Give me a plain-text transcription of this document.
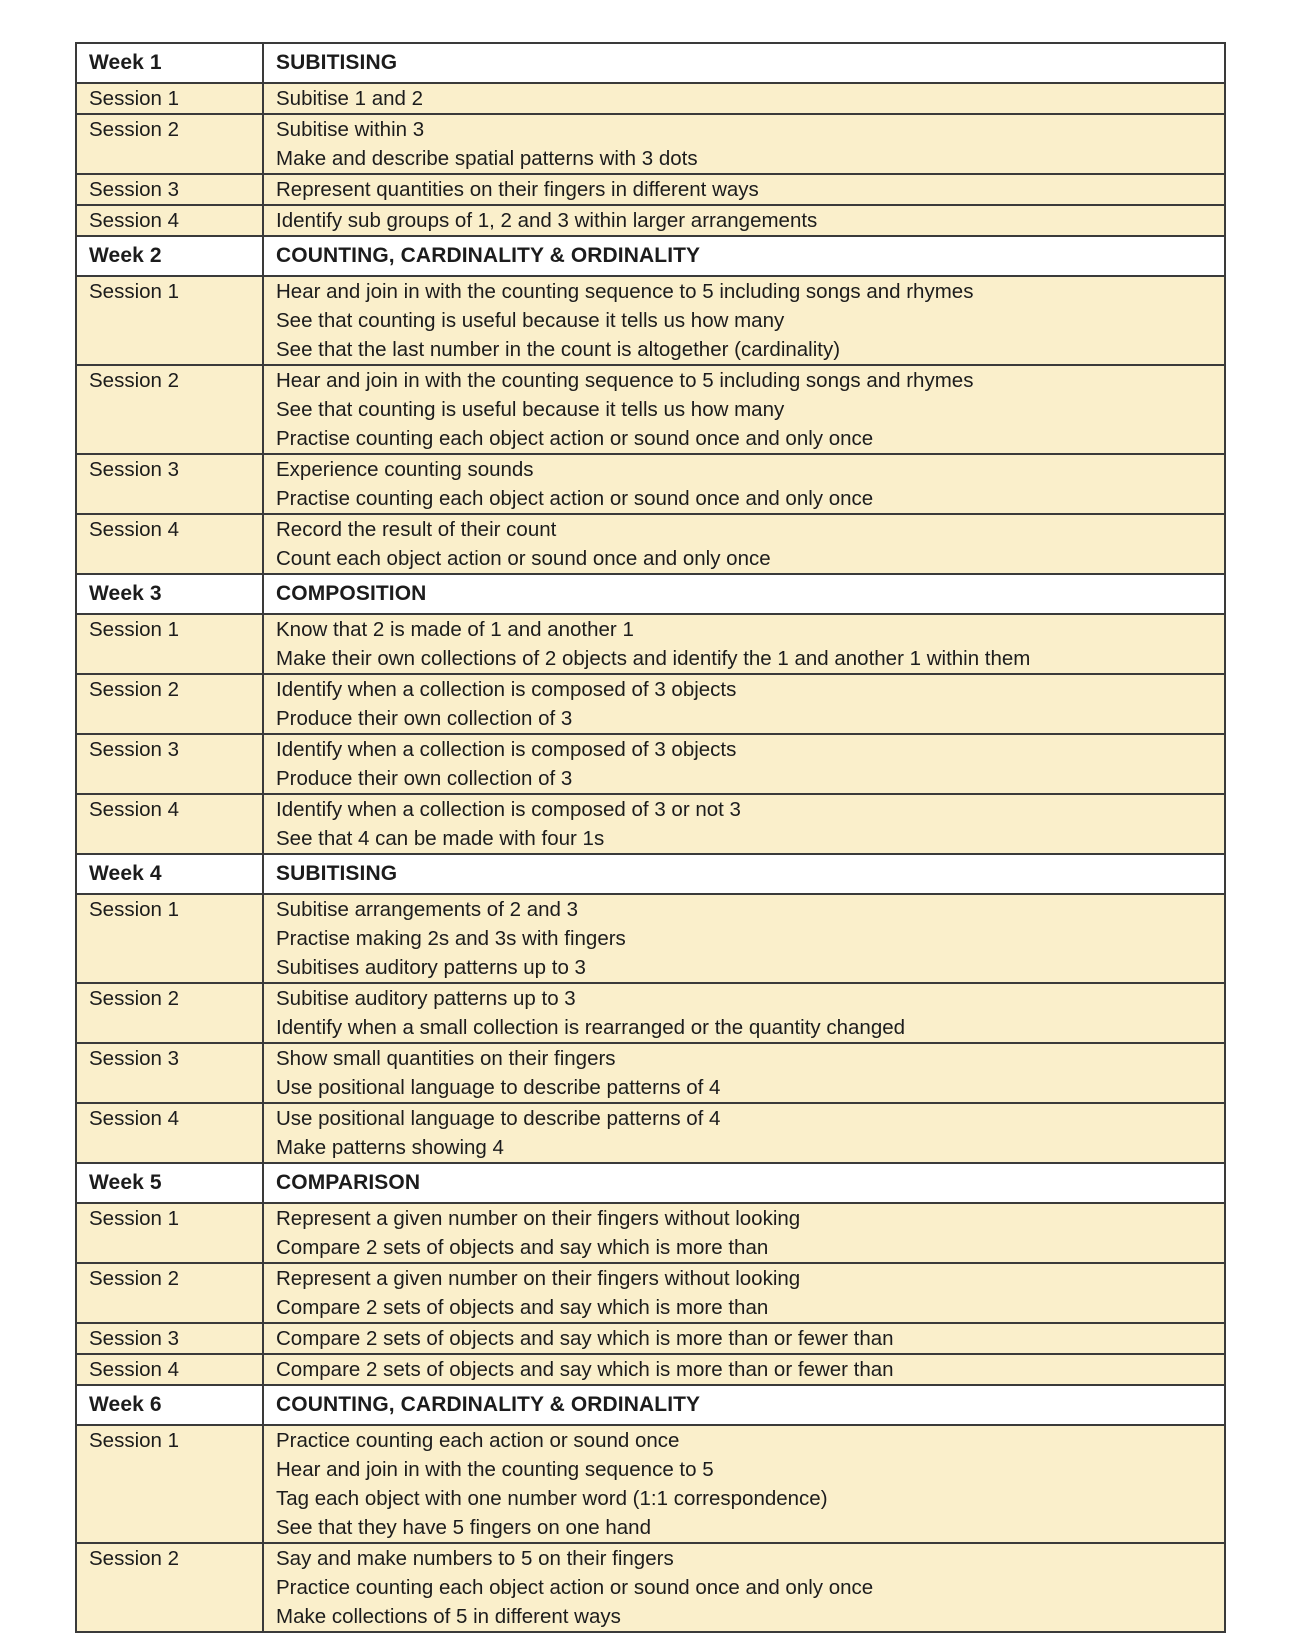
Week 1	SUBITISING
Session 1	Subitise 1 and 2

Session 2	Subitise within 3
Make and describe spatial patterns with 3 dots

Session 3	Represent quantities on their fingers in different ways

Session 4	Identify sub groups of 1, 2 and 3 within larger arrangements

Week 2	COUNTING, CARDINALITY & ORDINALITY
Session 1	Hear and join in with the counting sequence to 5 including songs and rhymes
See that counting is useful because it tells us how many
See that the last number in the count is altogether (cardinality)

Session 2	Hear and join in with the counting sequence to 5 including songs and rhymes
See that counting is useful because it tells us how many
Practise counting each object action or sound once and only once

Session 3	Experience counting sounds
Practise counting each object action or sound once and only once

Session 4	Record the result of their count
Count each object action or sound once and only once

Week 3	COMPOSITION
Session 1	Know that 2 is made of 1 and another 1
Make their own collections of 2 objects and identify the 1 and another 1 within them

Session 2	Identify when a collection is composed of 3 objects
Produce their own collection of 3

Session 3	Identify when a collection is composed of 3 objects
Produce their own collection of 3

Session 4	Identify when a collection is composed of 3 or not 3
See that 4 can be made with four 1s

Week 4	SUBITISING
Session 1	Subitise arrangements of 2 and 3
Practise making 2s and 3s with fingers
Subitises auditory patterns up to 3

Session 2	Subitise auditory patterns up to 3
Identify when a small collection is rearranged or the quantity changed

Session 3	Show small quantities on their fingers
Use positional language to describe patterns of 4

Session 4	Use positional language to describe patterns of 4
Make patterns showing 4

Week 5	COMPARISON
Session 1	Represent a given number on their fingers without looking
Compare 2 sets of objects and say which is more than

Session 2	Represent a given number on their fingers without looking
Compare 2 sets of objects and say which is more than

Session 3	Compare 2 sets of objects and say which is more than or fewer than

Session 4	Compare 2 sets of objects and say which is more than or fewer than

Week 6	COUNTING, CARDINALITY & ORDINALITY
Session 1	Practice counting each action or sound once
Hear and join in with the counting sequence to 5
Tag each object with one number word (1:1 correspondence)
See that they have 5 fingers on one hand

Session 2	Say and make numbers to 5 on their fingers
Practice counting each object action or sound once and only once
Make collections of 5 in different ways
